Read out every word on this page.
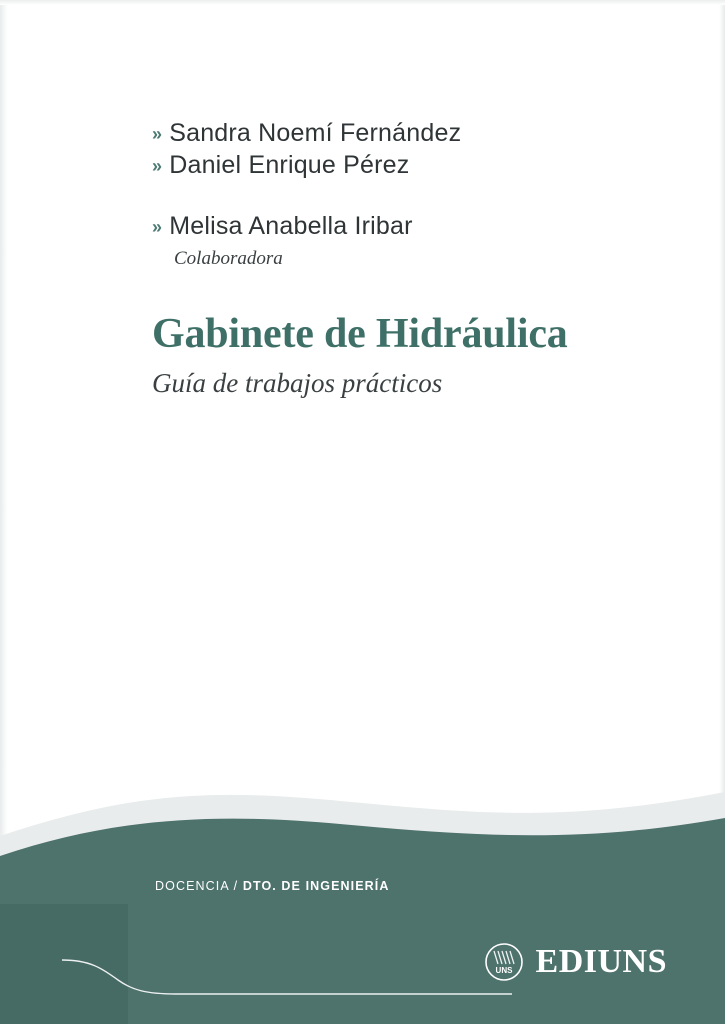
» Sandra Noemí Fernández
» Daniel Enrique Pérez
» Melisa Anabella Iribar
Colaboradora
Gabinete de Hidráulica
Guía de trabajos prácticos
DOCENCIA / DTO. DE INGENIERÍA
UNS EDIUNS
